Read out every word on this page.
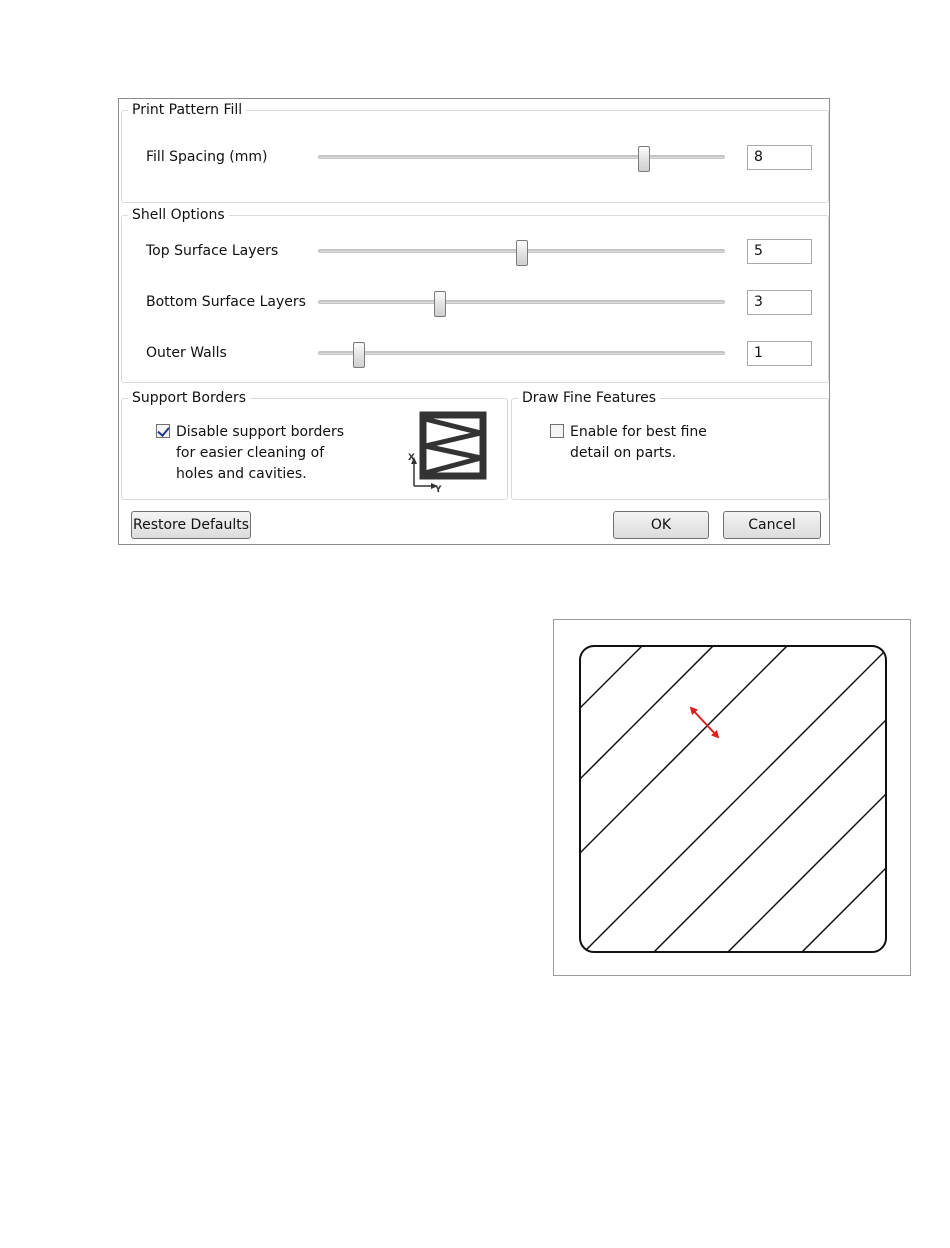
Print Pattern Fill
Fill Spacing (mm)	8
Shell Options
Top Surface Layers	5
Bottom Surface Layers	3
Outer Walls	1
Support Borders
Disable support borders
for easier cleaning of
holes and cavities.
X
Y
Draw Fine Features
Enable for best fine
detail on parts.
Restore Defaults	OK	Cancel
